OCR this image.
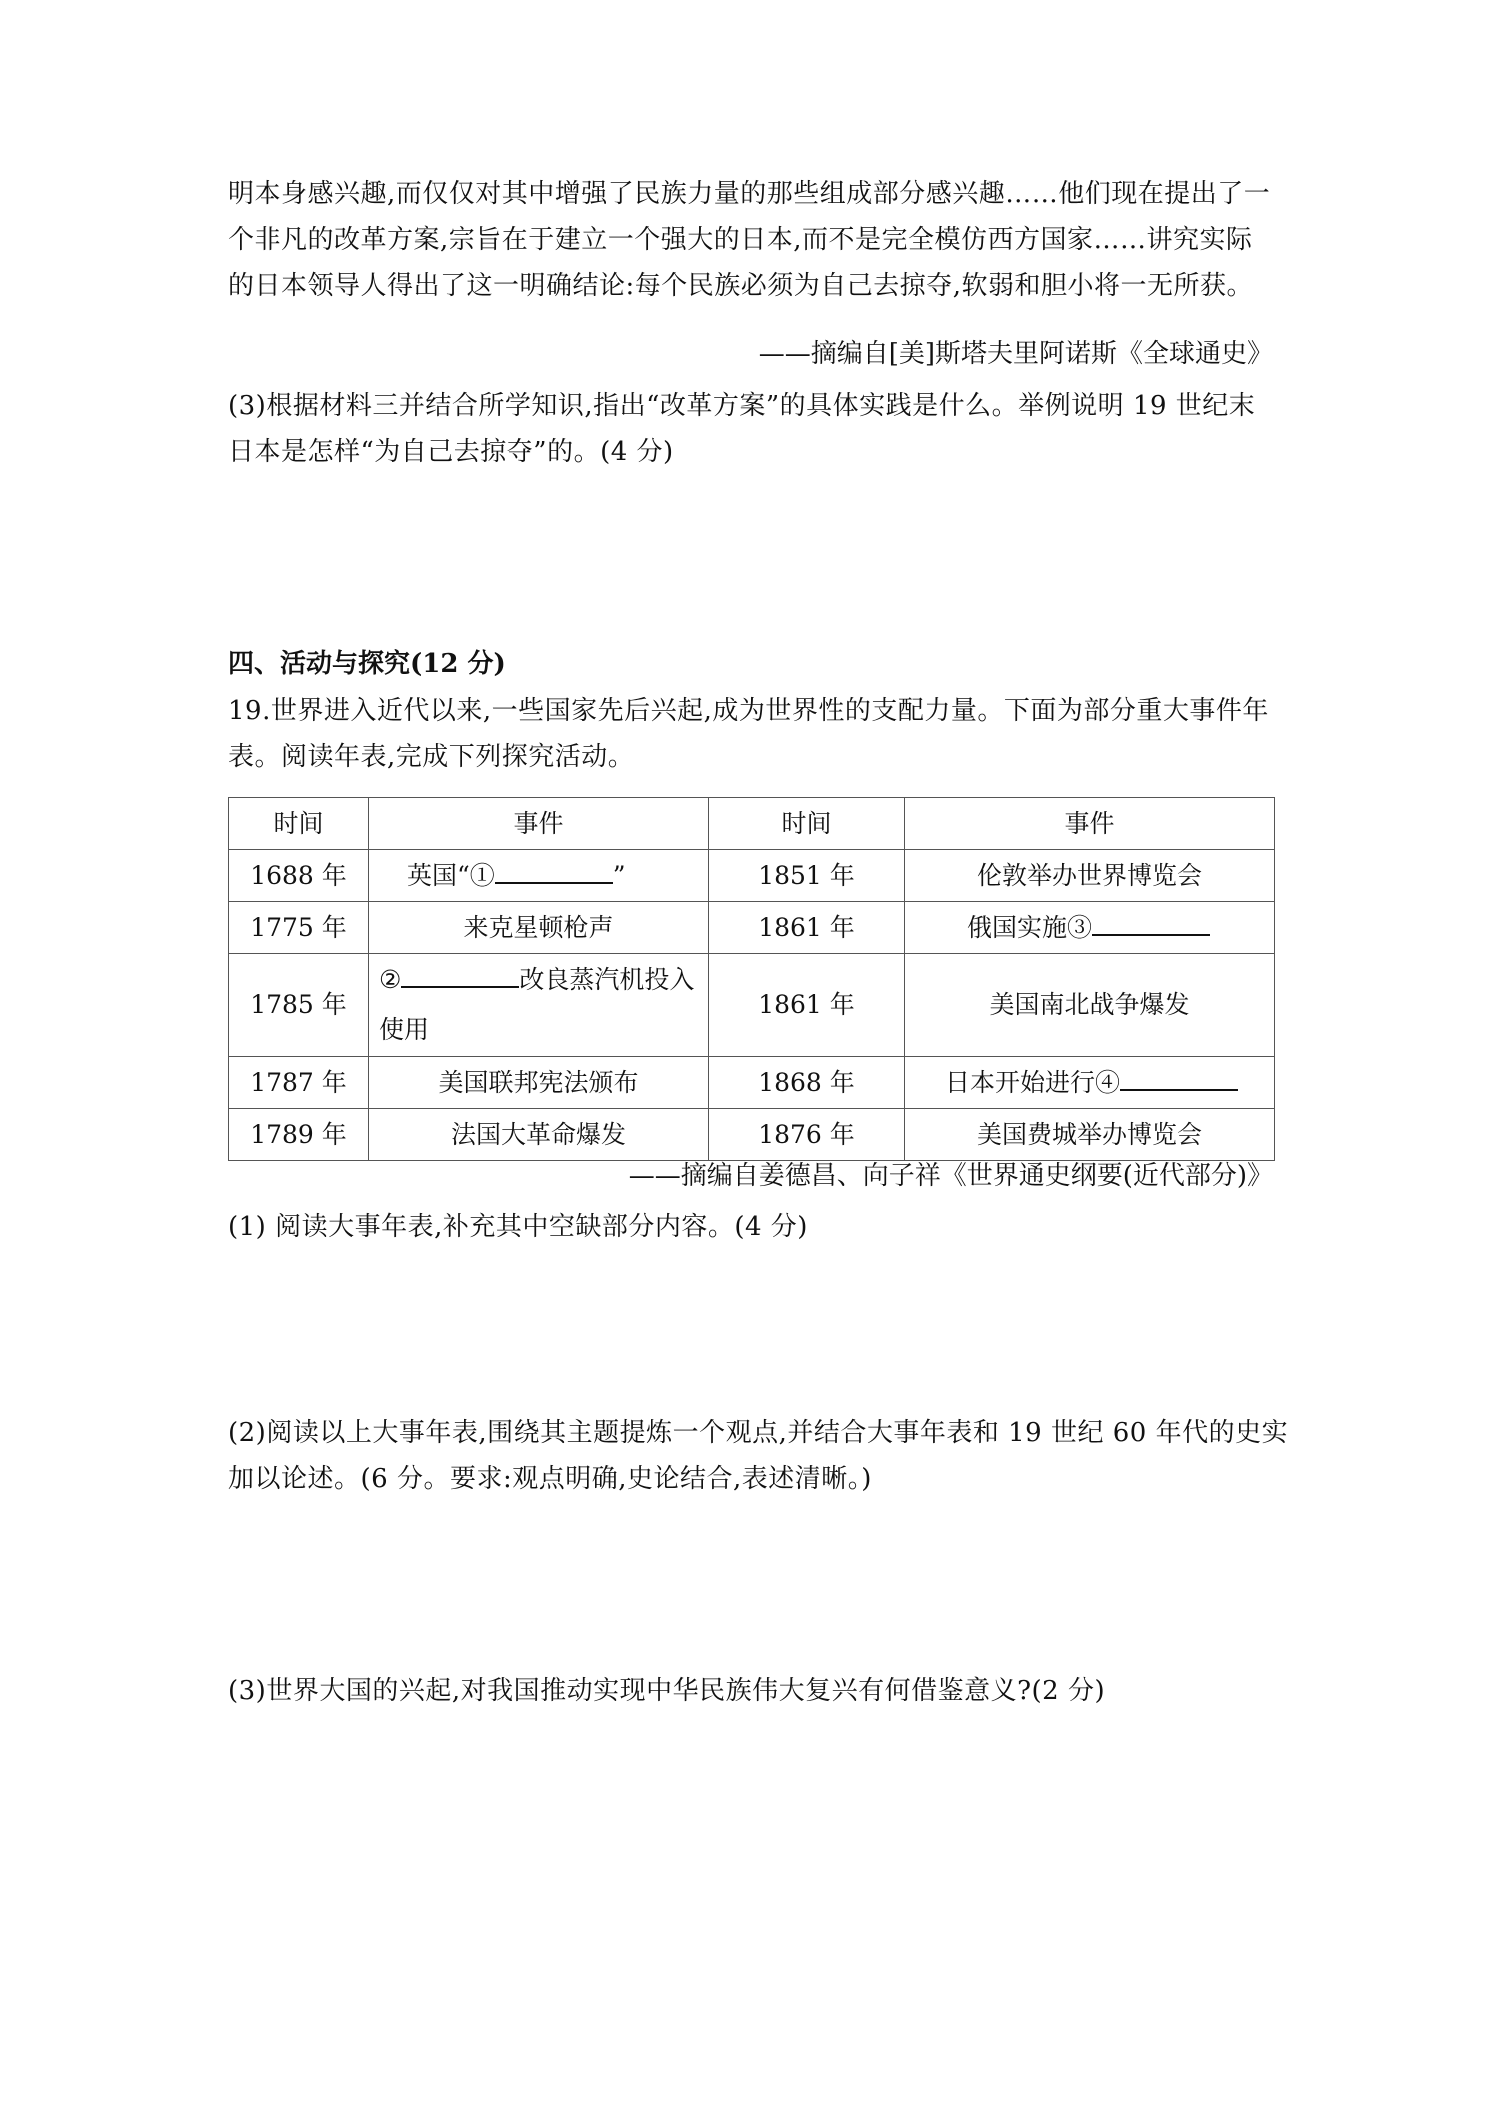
明本身感兴趣,而仅仅对其中增强了民族力量的那些组成部分感兴趣……他们现在提出了一
个非凡的改革方案,宗旨在于建立一个强大的日本,而不是完全模仿西方国家……讲究实际
的日本领导人得出了这一明确结论:每个民族必须为自己去掠夺,软弱和胆小将一无所获。

——摘编自[美]斯塔夫里阿诺斯《全球通史》

(3)根据材料三并结合所学知识,指出“改革方案”的具体实践是什么。举例说明 19 世纪末
日本是怎样“为自己去掠夺”的。(4 分)

四、活动与探究(12 分)

19.世界进入近代以来,一些国家先后兴起,成为世界性的支配力量。下面为部分重大事件年
表。阅读年表,完成下列探究活动。
时间	事件	时间	事件
1688 年	英国“① ”	1851 年	伦敦举办世界博览会
1775 年	来克星顿枪声	1861 年	俄国实施③
1785 年	② 改良蒸汽机投入使用	1861 年	美国南北战争爆发
1787 年	美国联邦宪法颁布	1868 年	日本开始进行④
1789 年	法国大革命爆发	1876 年	美国费城举办博览会

——摘编自姜德昌、向子祥《世界通史纲要(近代部分)》

(1) 阅读大事年表,补充其中空缺部分内容。(4 分)

(2)阅读以上大事年表,围绕其主题提炼一个观点,并结合大事年表和 19 世纪 60 年代的史实
加以论述。(6 分。要求:观点明确,史论结合,表述清晰。)

(3)世界大国的兴起,对我国推动实现中华民族伟大复兴有何借鉴意义?(2 分)
